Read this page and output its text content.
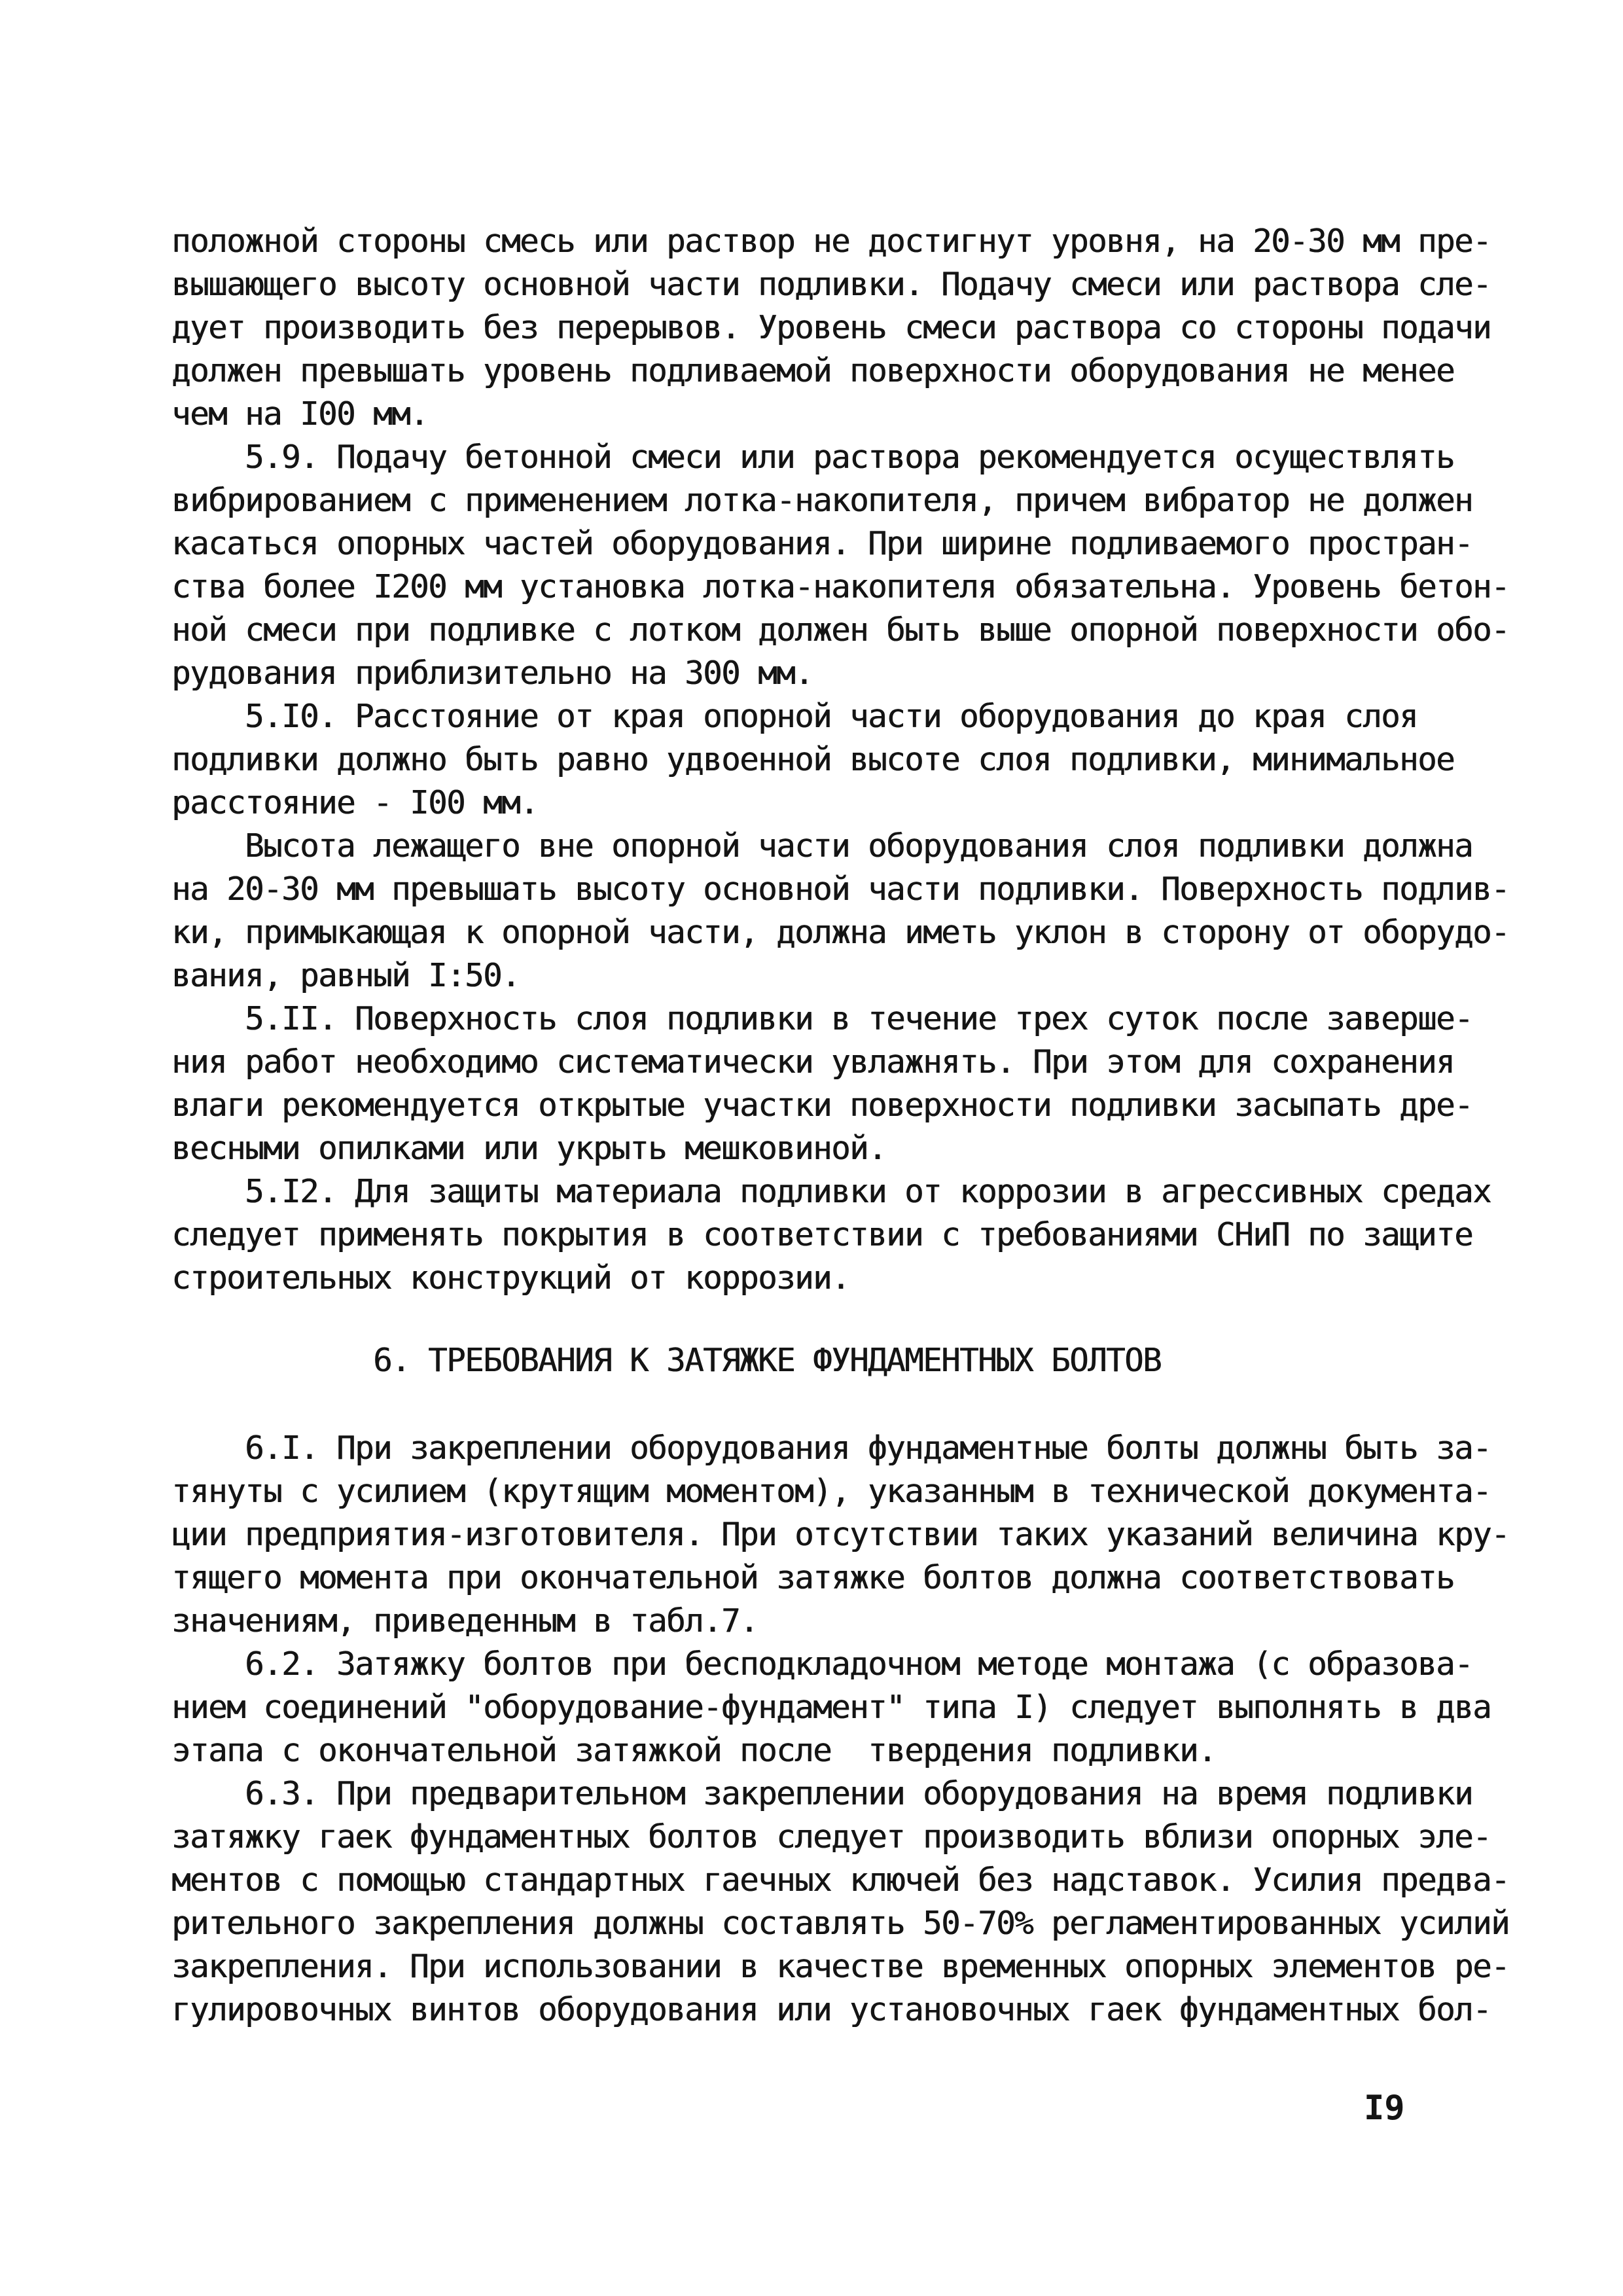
положной стороны смесь или раствор не достигнут уровня, на 20-30 мм пре-
вышающего высоту основной части подливки. Подачу смеси или раствора сле-
дует производить без перерывов. Уровень смеси раствора со стороны подачи
должен превышать уровень подливаемой поверхности оборудования не менее
чем на I00 мм.
5.9. Подачу бетонной смеси или раствора рекомендуется осуществлять
вибрированием с применением лотка-накопителя, причем вибратор не должен
касаться опорных частей оборудования. При ширине подливаемого простран-
ства более I200 мм установка лотка-накопителя обязательна. Уровень бетон-
ной смеси при подливке с лотком должен быть выше опорной поверхности обо-
рудования приблизительно на 300 мм.
5.I0. Расстояние от края опорной части оборудования до края слоя
подливки должно быть равно удвоенной высоте слоя подливки, минимальное
расстояние - I00 мм.
Высота лежащего вне опорной части оборудования слоя подливки должна
на 20-30 мм превышать высоту основной части подливки. Поверхность подлив-
ки, примыкающая к опорной части, должна иметь уклон в сторону от оборудо-
вания, равный I:50.
5.II. Поверхность слоя подливки в течение трех суток после заверше-
ния работ необходимо систематически увлажнять. При этом для сохранения
влаги рекомендуется открытые участки поверхности подливки засыпать дре-
весными опилками или укрыть мешковиной.
5.I2. Для защиты материала подливки от коррозии в агрессивных средах
следует применять покрытия в соответствии с требованиями СНиП по защите
строительных конструкций от коррозии.
6. ТРЕБОВАНИЯ К ЗАТЯЖКЕ ФУНДАМЕНТНЫХ БОЛТОВ
6.I. При закреплении оборудования фундаментные болты должны быть за-
тянуты с усилием (крутящим моментом), указанным в технической документа-
ции предприятия-изготовителя. При отсутствии таких указаний величина кру-
тящего момента при окончательной затяжке болтов должна соответствовать
значениям, приведенным в табл.7.
6.2. Затяжку болтов при бесподкладочном методе монтажа (с образова-
нием соединений "оборудование-фундамент" типа I) следует выполнять в два
этапа с окончательной затяжкой после  твердения подливки.
6.3. При предварительном закреплении оборудования на время подливки
затяжку гаек фундаментных болтов следует производить вблизи опорных эле-
ментов с помощью стандартных гаечных ключей без надставок. Усилия предва-
рительного закрепления должны составлять 50-70% регламентированных усилий
закрепления. При использовании в качестве временных опорных элементов ре-
гулировочных винтов оборудования или установочных гаек фундаментных бол-
I9
